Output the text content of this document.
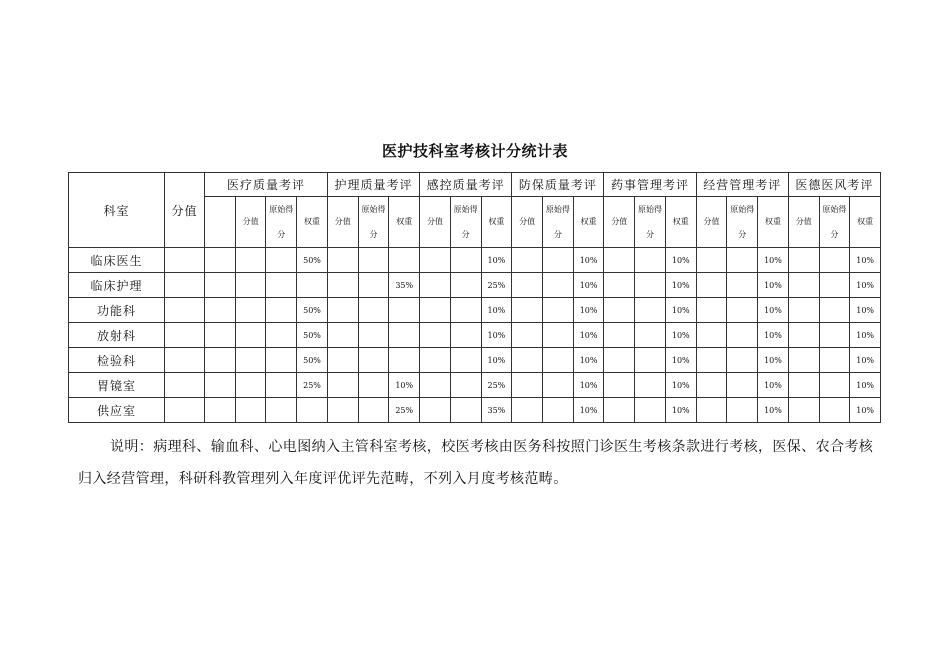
医护技科室考核计分统计表
科室	分值	医疗质量考评				护理质量考评			感控质量考评			防保质量考评			药事管理考评			经营管理考评			医德医风考评		
			分值	原始得分	权重	分值	原始得分	权重	分值	原始得分	权重	分值	原始得分	权重	分值	原始得分	权重	分值	原始得分	权重	分值	原始得分	权重
临床医生					50%						10%			10%			10%			10%			10%
临床护理								35%			25%			10%			10%			10%			10%
功能科					50%						10%			10%			10%			10%			10%
放射科					50%						10%			10%			10%			10%			10%
检验科					50%						10%			10%			10%			10%			10%
胃镜室					25%			10%			25%			10%			10%			10%			10%
供应室								25%			35%			10%			10%			10%			10%
说明：病理科、输血科、心电图纳入主管科室考核，校医考核由医务科按照门诊医生考核条款进行考核，医保、农合考核归入经营管理，科研科教管理列入年度评优评先范畴，不列入月度考核范畴。
